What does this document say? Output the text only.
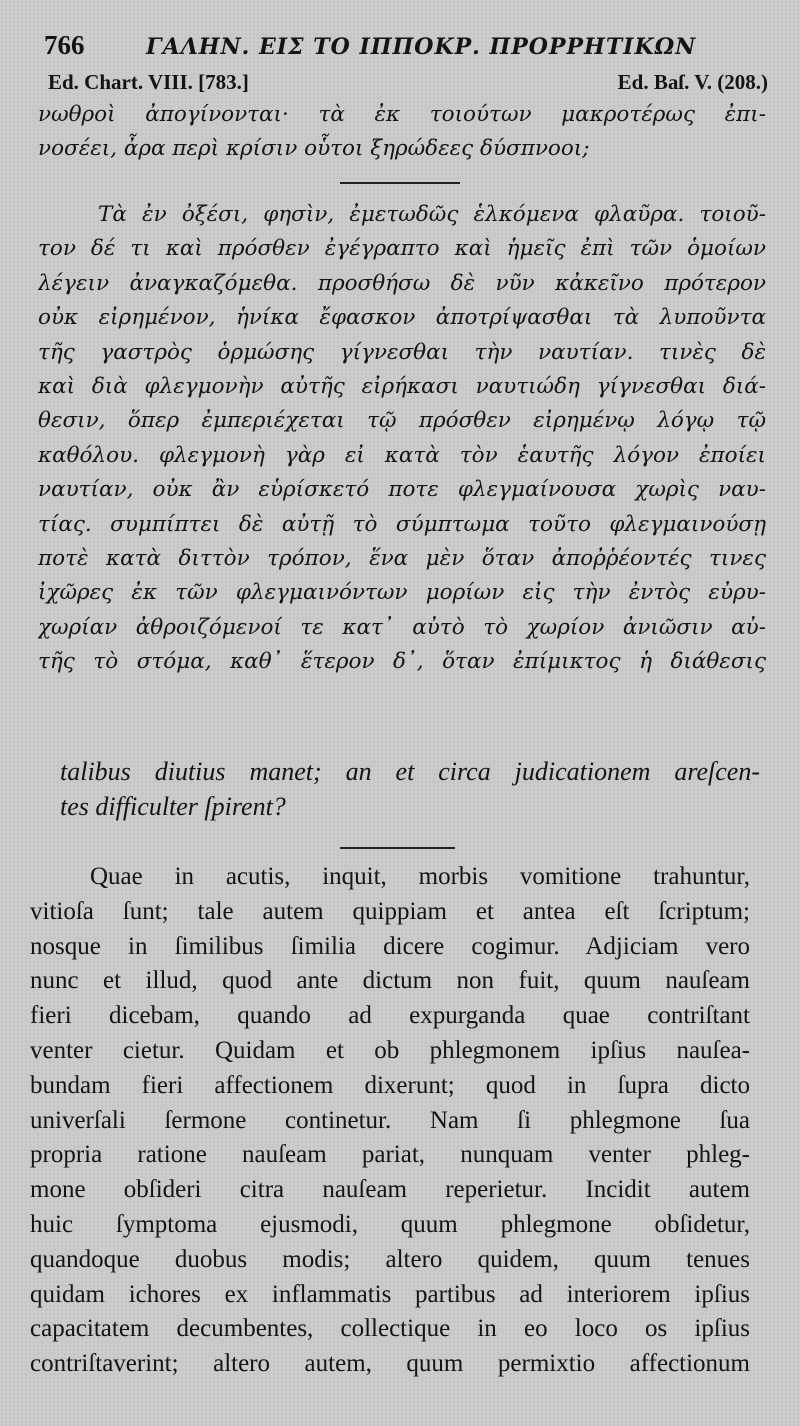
766	ΓΑΛΗΝ. ΕΙΣ ΤΟ ΙΠΠΟΚΡ. ΠΡΟΡΡΗΤΙΚΩΝ
Ed. Chart. VIII. [783.]	Ed. Baſ. V. (208.)
νωθροὶ ἀπογίνονται· τὰ ἐκ τοιούτων μακροτέρως ἐπι-
νοσέει, ἆρα περὶ κρίσιν οὗτοι ξηρώδεες δύσπνοοι;
Τὰ ἐν ὀξέσι, φησὶν, ἐμετωδῶς ἑλκόμενα φλαῦρα. τοιοῦ-
τον δέ τι καὶ πρόσθεν ἐγέγραπτο καὶ ἡμεῖς ἐπὶ τῶν ὁμοίων
λέγειν ἀναγκαζόμεθα. προσθήσω δὲ νῦν κἀκεῖνο πρότερον
οὐκ εἰρημένον, ἡνίκα ἔφασκον ἀποτρίψασθαι τὰ λυποῦντα
τῆς γαστρὸς ὁρμώσης γίγνεσθαι τὴν ναυτίαν. τινὲς δὲ
καὶ διὰ φλεγμονὴν αὐτῆς εἰρήκασι ναυτιώδη γίγνεσθαι διά-
θεσιν, ὅπερ ἐμπεριέχεται τῷ πρόσθεν εἰρημένῳ λόγῳ τῷ
καθόλου. φλεγμονὴ γὰρ εἰ κατὰ τὸν ἑαυτῆς λόγον ἐποίει
ναυτίαν, οὐκ ἂν εὑρίσκετό ποτε φλεγμαίνουσα χωρὶς ναυ-
τίας. συμπίπτει δὲ αὐτῇ τὸ σύμπτωμα τοῦτο φλεγμαινούσῃ
ποτὲ κατὰ διττὸν τρόπον, ἕνα μὲν ὅταν ἀποῤῥέοντές τινες
ἰχῶρες ἐκ τῶν φλεγμαινόντων μορίων εἰς τὴν ἐντὸς εὐρυ-
χωρίαν ἀθροιζόμενοί τε κατ᾽ αὐτὸ τὸ χωρίον ἀνιῶσιν αὐ-
τῆς τὸ στόμα, καθ᾽ ἕτερον δ᾽, ὅταν ἐπίμικτος ἡ διάθεσις
talibus diutius manet; an et circa judicationem areſcen-
tes difficulter ſpirent?
Quae in acutis, inquit, morbis vomitione trahuntur,
vitioſa ſunt; tale autem quippiam et antea eſt ſcriptum;
nosque in ſimilibus ſimilia dicere cogimur. Adjiciam vero
nunc et illud, quod ante dictum non fuit, quum nauſeam
fieri dicebam, quando ad expurganda quae contriſtant
venter cietur. Quidam et ob phlegmonem ipſius nauſea-
bundam fieri affectionem dixerunt; quod in ſupra dicto
univerſali ſermone continetur. Nam ſi phlegmone ſua
propria ratione nauſeam pariat, nunquam venter phleg-
mone obſideri citra nauſeam reperietur. Incidit autem
huic ſymptoma ejusmodi, quum phlegmone obſidetur,
quandoque duobus modis; altero quidem, quum tenues
quidam ichores ex inflammatis partibus ad interiorem ipſius
capacitatem decumbentes, collectique in eo loco os ipſius
contriſtaverint; altero autem, quum permixtio affectionum
